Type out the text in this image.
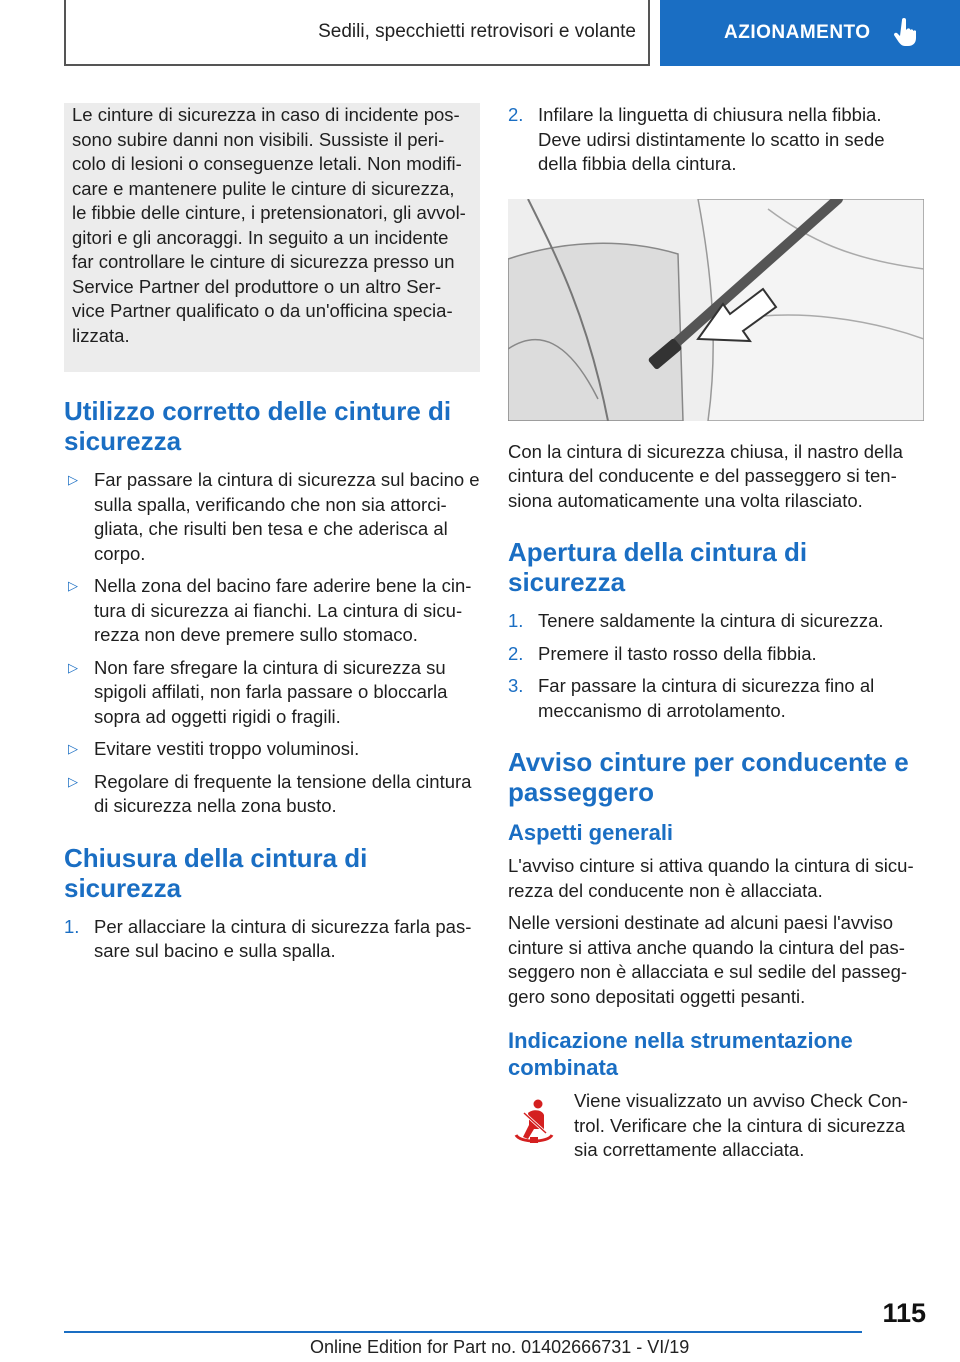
Sedili, specchietti retrovisori e volante	AZIONAMENTO

Le cinture di sicurezza in caso di incidente pos-
sono subire danni non visibili. Sussiste il peri-
colo di lesioni o conseguenze letali. Non modifi-
care e mantenere pulite le cinture di sicurezza,
le fibbie delle cinture, i pretensionatori, gli avvol-
gitori e gli ancoraggi. In seguito a un incidente
far controllare le cinture di sicurezza presso un
Service Partner del produttore o un altro Ser-
vice Partner qualificato o da un'officina specia-
lizzata.

Utilizzo corretto delle cinture di sicurezza
▷ Far passare la cintura di sicurezza sul bacino e sulla spalla, verificando che non sia attorci-gliata, che risulti ben tesa e che aderisca al corpo.
▷ Nella zona del bacino fare aderire bene la cin-tura di sicurezza ai fianchi. La cintura di sicu-rezza non deve premere sullo stomaco.
▷ Non fare sfregare la cintura di sicurezza su spigoli affilati, non farla passare o bloccarla sopra ad oggetti rigidi o fragili.
▷ Evitare vestiti troppo voluminosi.
▷ Regolare di frequente la tensione della cintura di sicurezza nella zona busto.
Chiusura della cintura di sicurezza
1. Per allacciare la cintura di sicurezza farla pas-sare sul bacino e sulla spalla.
2. Infilare la linguetta di chiusura nella fibbia. Deve udirsi distintamente lo scatto in sede della fibbia della cintura.

Con la cintura di sicurezza chiusa, il nastro della cintura del conducente e del passeggero si ten-siona automaticamente una volta rilasciato.

Apertura della cintura di sicurezza
1. Tenere saldamente la cintura di sicurezza.
2. Premere il tasto rosso della fibbia.
3. Far passare la cintura di sicurezza fino al meccanismo di arrotolamento.
Avviso cinture per conducente e passeggero
Aspetti generali

L'avviso cinture si attiva quando la cintura di sicu-rezza del conducente non è allacciata.

Nelle versioni destinate ad alcuni paesi l'avviso cinture si attiva anche quando la cintura del pas-seggero non è allacciata e sul sedile del passeg-gero sono depositati oggetti pesanti.

Indicazione nella strumentazione combinata

Viene visualizzato un avviso Check Con-trol. Verificare che la cintura di sicurezza sia correttamente allacciata.

115
Online Edition for Part no. 01402666731 - VI/19
